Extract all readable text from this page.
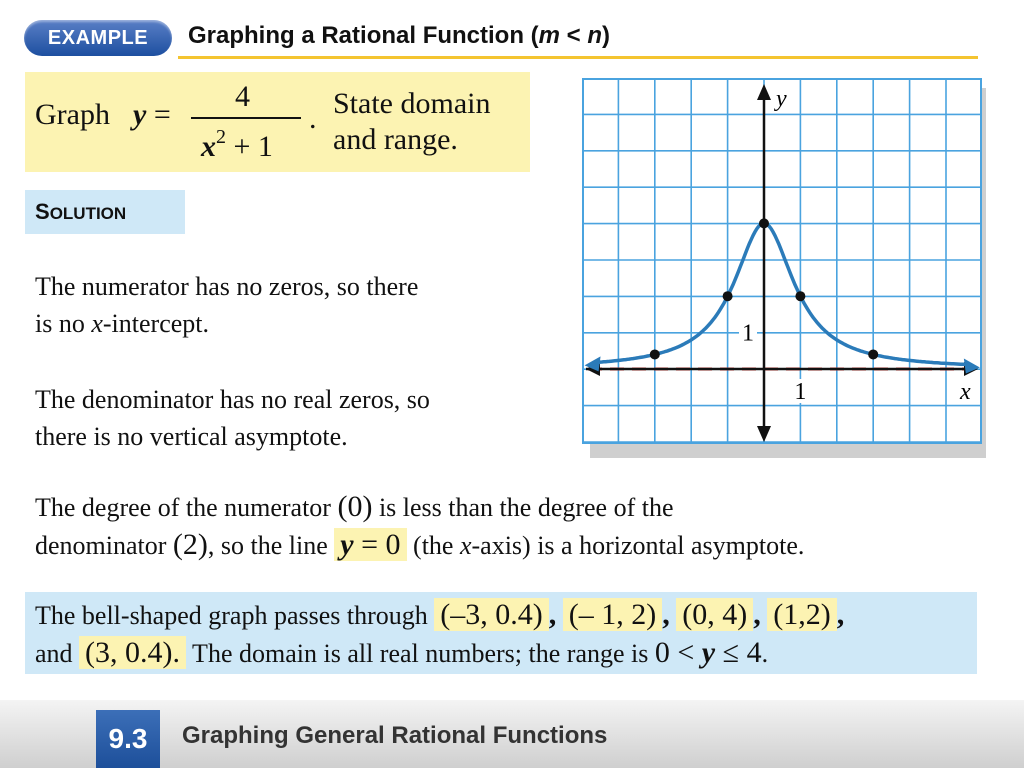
EXAMPLE	Graphing a Rational Function (m < n)
Graph y =
4
$x^2 + 1$
. State domain
and range.
SOLUTION
The numerator has no zeros, so there
is no x-intercept.
The denominator has no real zeros, so
there is no vertical asymptote.
The degree of the numerator (0) is less than the degree of the
denominator (2), so the line y = 0 (the x-axis) is a horizontal asymptote.
The bell-shaped graph passes through (–3, 0.4) , (– 1, 2) , (0, 4) , (1,2) ,
and (3, 0.4). The domain is all real numbers; the range is 0 < y ≤ 4.
y
x
1
1
9.3	Graphing General Rational Functions
